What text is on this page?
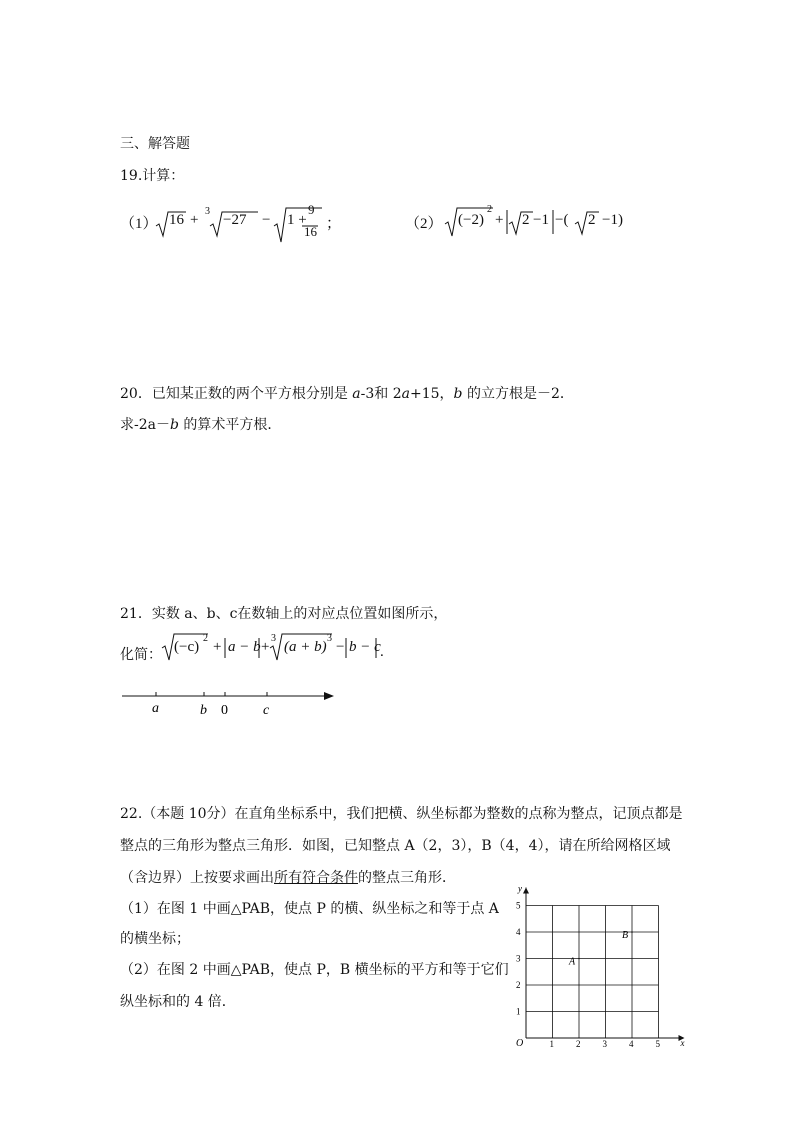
三、解答题
19.计算：
（1） 16 +
3
−27 − 1 +
9
16 ；	（2） (−2)
2
+ 2 −1 −( 2 −1)
20．已知某正数的两个平方根分别是 a-3和 2a+15，b 的立方根是－2．
求-2a－b 的算术平方根．
21．实数 a、b、c在数轴上的对应点位置如图所示，
化简： (−c)
2
+ a − b +
3
(a + b)
3
− b − c .
a	b 0	c
22.（本题 10分）在直角坐标系中，我们把横、纵坐标都为整数的点称为整点，记顶点都是
整点的三角形为整点三角形．如图，已知整点 A（2，3），B（4，4），请在所给网格区域
（含边界）上按要求画出所有符合条件的整点三角形．
（1）在图 1 中画△PAB，使点 P 的横、纵坐标之和等于点 A
的横坐标；
（2）在图 2 中画△PAB，使点 P，B 横坐标的平方和等于它们
纵坐标和的 4 倍．
x
y
O	1 2 3 4 5
1
2
3
4
5
A
B
